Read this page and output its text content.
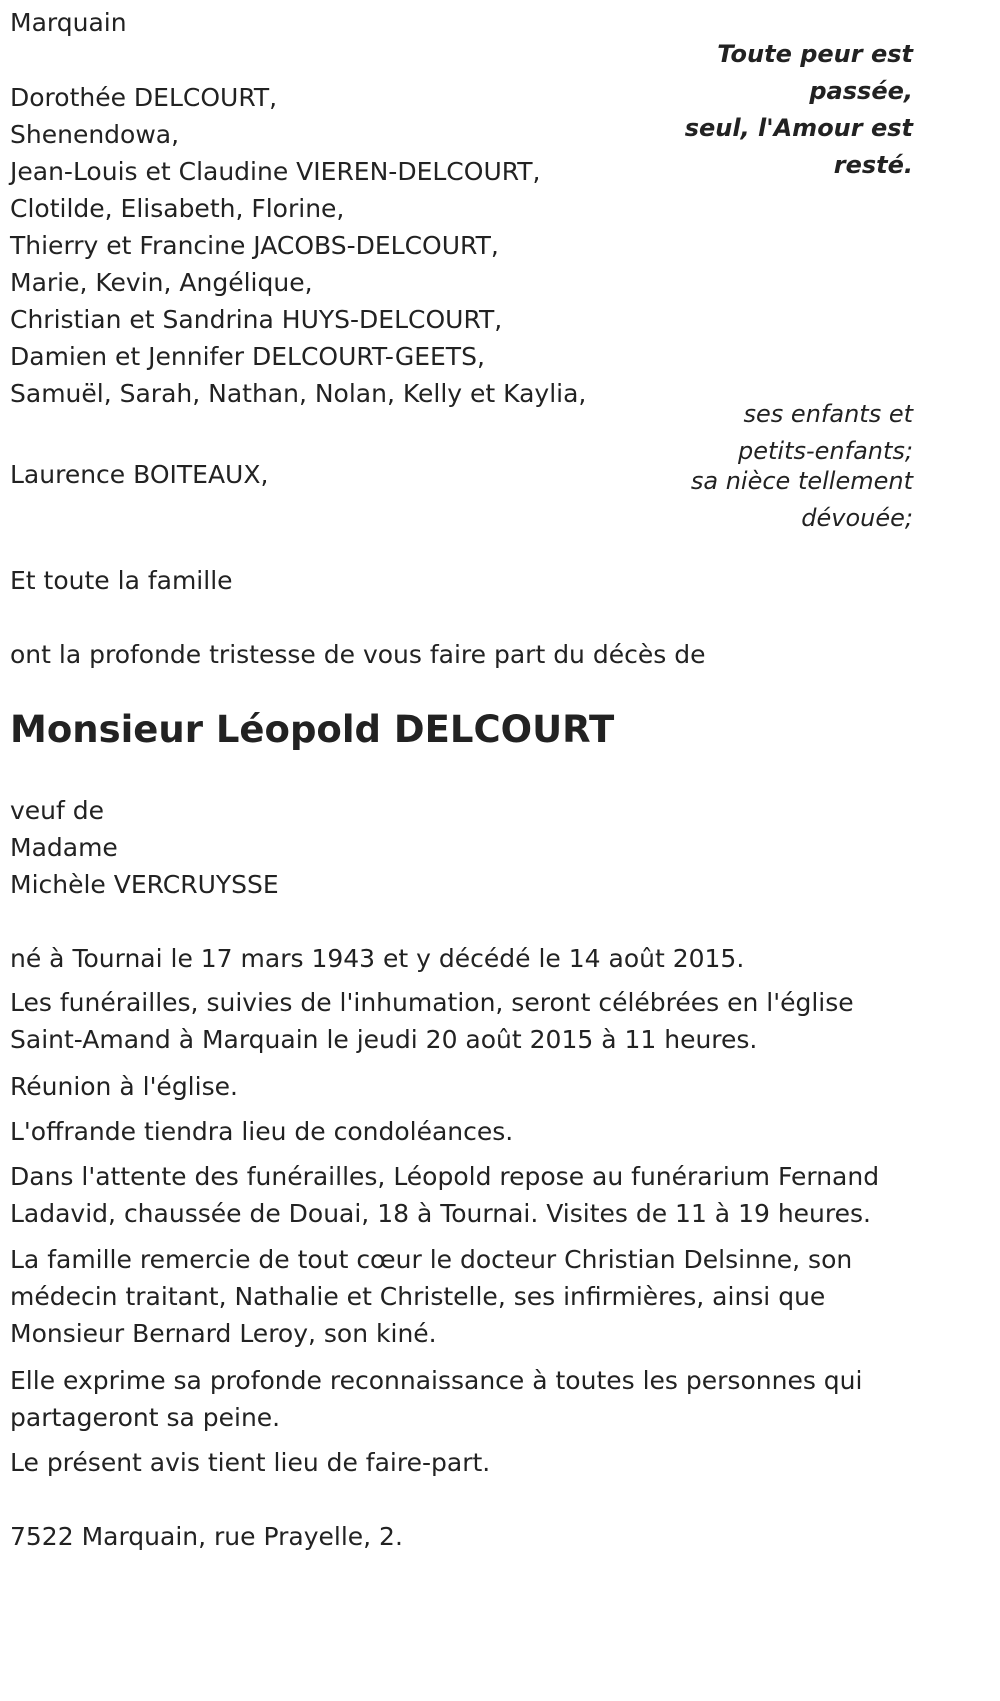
Marquain
Toute peur est
passée,
seul, l'Amour est
resté.
Dorothée DELCOURT,
Shenendowa,
Jean-Louis et Claudine VIEREN-DELCOURT,
Clotilde, Elisabeth, Florine,
Thierry et Francine JACOBS-DELCOURT,
Marie, Kevin, Angélique,
Christian et Sandrina HUYS-DELCOURT,
Damien et Jennifer DELCOURT-GEETS,
Samuël, Sarah, Nathan, Nolan, Kelly et Kaylia,
ses enfants et
petits-enfants;
Laurence BOITEAUX,	sa nièce tellement
dévouée;
Et toute la famille
ont la profonde tristesse de vous faire part du décès de
Monsieur Léopold DELCOURT
veuf de
Madame
Michèle VERCRUYSSE
né à Tournai le 17 mars 1943 et y décédé le 14 août 2015.
Les funérailles, suivies de l'inhumation, seront célébrées en l'église
Saint-Amand à Marquain le jeudi 20 août 2015 à 11 heures.
Réunion à l'église.
L'offrande tiendra lieu de condoléances.
Dans l'attente des funérailles, Léopold repose au funérarium Fernand
Ladavid, chaussée de Douai, 18 à Tournai. Visites de 11 à 19 heures.
La famille remercie de tout cœur le docteur Christian Delsinne, son
médecin traitant, Nathalie et Christelle, ses infirmières, ainsi que
Monsieur Bernard Leroy, son kiné.
Elle exprime sa profonde reconnaissance à toutes les personnes qui
partageront sa peine.
Le présent avis tient lieu de faire-part.
7522 Marquain, rue Prayelle, 2.
